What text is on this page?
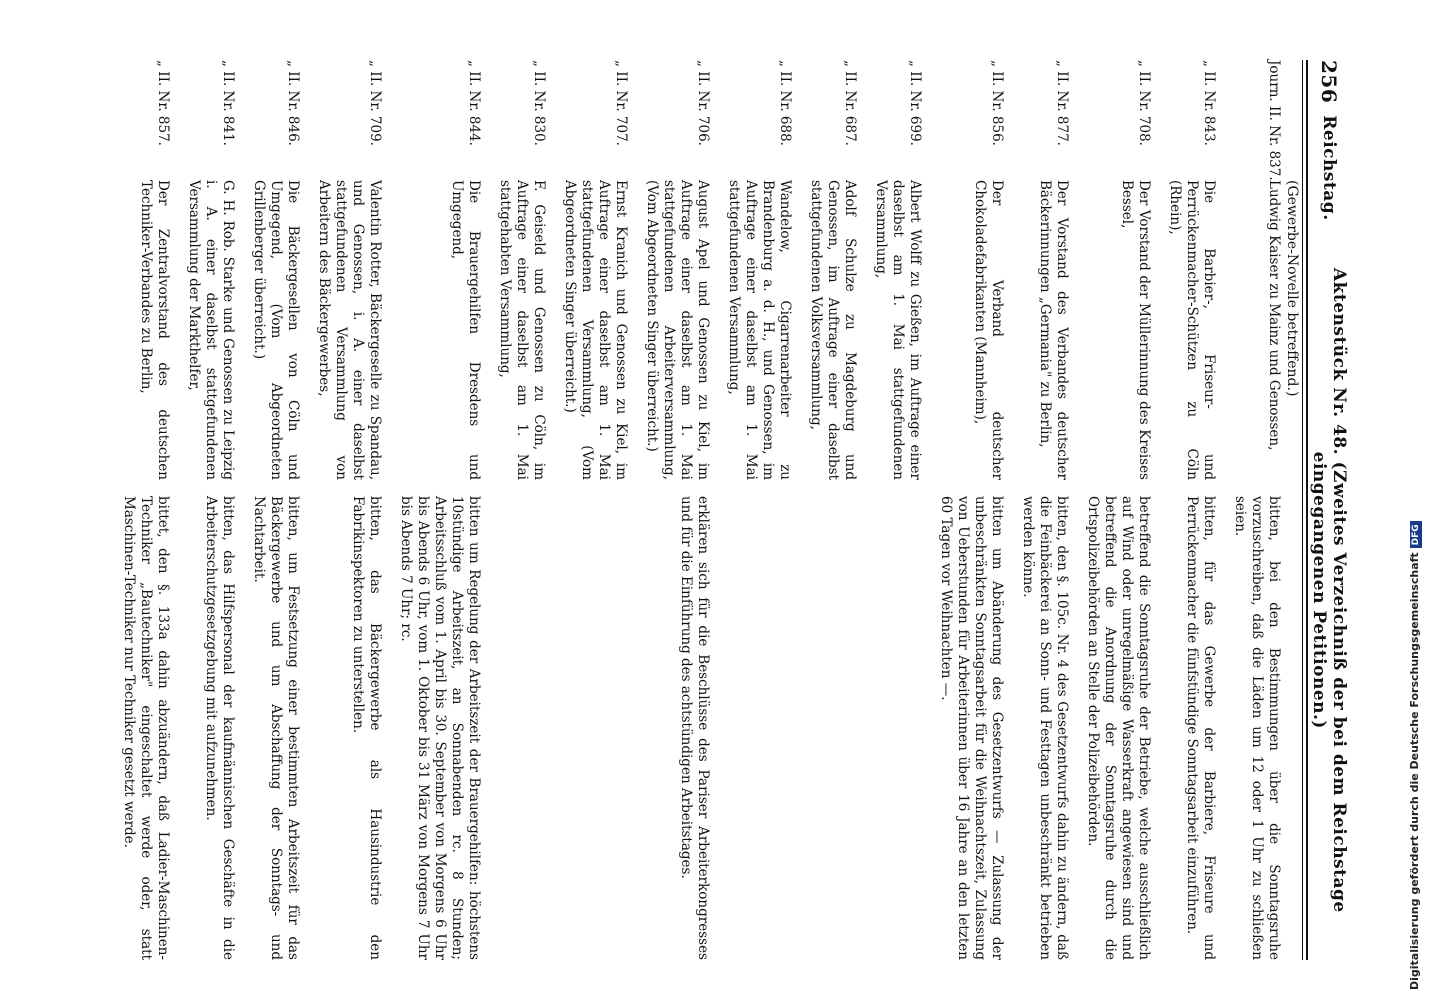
256
Reichstag.
Aktenstück Nr. 48. (Zweites Verzeichniß der bei dem Reichstage eingegangenen Petitionen.)
(Gewerbe-Novelle betreffend.)
Journ. II. Nr. 837.
Ludwig Kaiser zu Mainz und Genossen,
bitten, bei den Bestimmungen über die Sonntagsruhe vorzuschreiben, daß die Läden um 12 oder 1 Uhr zu schließen seien.
„ II. Nr. 843.
Die Barbier-, Friseur- und Perrückenmacher-Schützen zu Cöln (Rhein),
bitten, für das Gewerbe der Barbiere, Friseure und Perrückenmacher die fünfstündige Sonntagsarbeit einzuführen.
„ II. Nr. 708.
Der Vorstand der Müllerinnung des Kreises Bessel,
betreffend die Sonntagsruhe der Betriebe, welche ausschließlich auf Wind oder unregelmäßige Wasserkraft angewiesen sind und betreffend die Anordnung der Sonntagsruhe durch die Ortspolizeibehörden an Stelle der Polizeibehörden.
„ II. Nr. 877.
Der Vorstand des Verbandes deutscher Bäckerinnungen „Germania" zu Berlin,
bitten, den §. 105c. Nr. 4 des Gesetzentwurfs dahin zu ändern, daß die Feinbäckerei an Sonn- und Festtagen unbeschränkt betrieben werden könne.
„ II. Nr. 856.
Der Verband deutscher Chokoladefabrikanten (Mannheim),
bitten um Abänderung des Gesetzentwurfs — Zulassung der unbeschränkten Sonntagsarbeit für die Weihnachtszeit, Zulassung von Ueberstunden für Arbeiterinnen über 16 Jahre an den letzten 60 Tagen vor Weihnachten —.
„ II. Nr. 699.
Albert Wolff zu Gießen, im Auftrage einer daselbst am 1. Mai stattgefundenen Versammlung,
„ II. Nr. 687.
Adolf Schulze zu Magdeburg und Genossen, im Auftrage einer daselbst stattgefundenen Volksversammlung,
„ II. Nr. 688.
Wandelow, Cigarrenarbeiter zu Brandenburg a. d. H., und Genossen, im Auftrage einer daselbst am 1. Mai stattgefundenen Versammlung,
„ II. Nr. 706.
August Apel und Genossen zu Kiel, im Auftrage einer daselbst am 1. Mai stattgefundenen Arbeiterversammlung, (Vom Abgeordneten Singer überreicht.)
erklären sich für die Beschlüsse des Pariser Arbeiterkongresses und für die Einführung des achtstündigen Arbeitstages.
„ II. Nr. 707.
Ernst Kranich und Genossen zu Kiel, im Auftrage einer daselbst am 1. Mai stattgefundenen Versammlung, (Vom Abgeordneten Singer überreicht.)
„ II. Nr. 830.
F. Geiseld und Genossen zu Cöln, im Auftrage einer daselbst am 1. Mai stattgehabten Versammlung,
„ II. Nr. 844.
Die Brauergehilfen Dresdens und Umgegend,
bitten um Regelung der Arbeitszeit der Brauergehilfen: höchstens 10stündige Arbeitszeit, an Sonnabenden rc. 8 Stunden; Arbeitsschluß vom 1. April bis 30. September von Morgens 6 Uhr bis Abends 6 Uhr, vom 1. Oktober bis 31 März von Morgens 7 Uhr bis Abends 7 Uhr; rc.
„ II. Nr. 709.
Valentin Rotter, Bäckergeselle zu Spandau, und Genossen, i. A. einer daselbst stattgefundenen Versammlung von Arbeitern des Bäckergewerbes,
bitten, das Bäckergewerbe als Hausindustrie den Fabrikinspektoren zu unterstellen.
„ II. Nr. 846.
Die Bäckergesellen von Cöln und Umgegend, (Vom Abgeordneten Grillenberger überreicht.)
bitten, um Festsetzung einer bestimmten Arbeitszeit für das Bäckergewerbe und um Abschaffung der Sonntags- und Nachtarbeit.
„ II. Nr. 841.
G. H. Rob. Starke und Genossen zu Leipzig i. A. einer daselbst stattgefundenen Versammlung der Markthelfer,
bitten, das Hilfspersonal der kaufmännischen Geschäfte in die Arbeiterschutzgesetzgebung mit aufzunehmen.
„ II. Nr. 857.
Der Zentralvorstand des deutschen Techniker-Verbandes zu Berlin,
bittet, den §. 133a dahin abzuändern, daß Ladier-Maschinen-Techniker „Bautechniker" eingeschaltet werde oder, statt Maschinen-Techniker nur Techniker gesetzt werde.	Digitalisierung gefördert durch die Deutsche ForschungsgemeinschaftDFG
